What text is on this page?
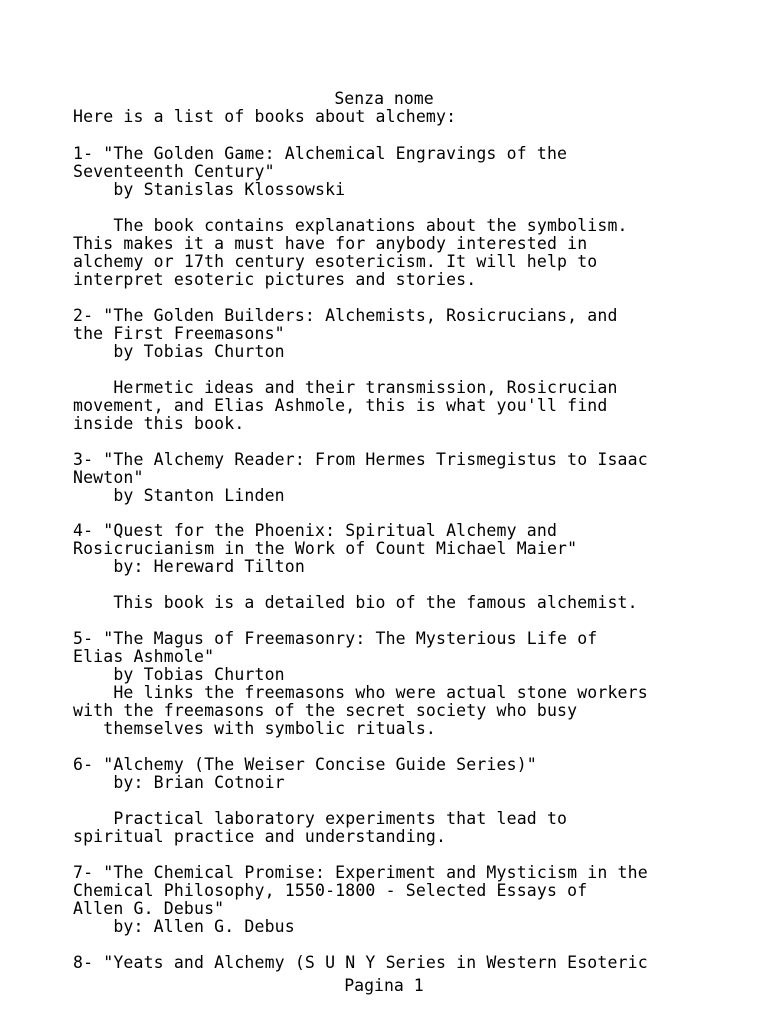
Senza nome
Here is a list of books about alchemy:
1- "The Golden Game: Alchemical Engravings of the
Seventeenth Century"
by Stanislas Klossowski
The book contains explanations about the symbolism.
This makes it a must have for anybody interested in
alchemy or 17th century esotericism. It will help to
interpret esoteric pictures and stories.
2- "The Golden Builders: Alchemists, Rosicrucians, and
the First Freemasons"
by Tobias Churton
Hermetic ideas and their transmission, Rosicrucian
movement, and Elias Ashmole, this is what you'll find
inside this book.
3- "The Alchemy Reader: From Hermes Trismegistus to Isaac
Newton"
by Stanton Linden
4- "Quest for the Phoenix: Spiritual Alchemy and
Rosicrucianism in the Work of Count Michael Maier"
by: Hereward Tilton
This book is a detailed bio of the famous alchemist.
5- "The Magus of Freemasonry: The Mysterious Life of
Elias Ashmole"
by Tobias Churton
He links the freemasons who were actual stone workers
with the freemasons of the secret society who busy
themselves with symbolic rituals.
6- "Alchemy (The Weiser Concise Guide Series)"
by: Brian Cotnoir
Practical laboratory experiments that lead to
spiritual practice and understanding.
7- "The Chemical Promise: Experiment and Mysticism in the
Chemical Philosophy, 1550-1800 - Selected Essays of
Allen G. Debus"
by: Allen G. Debus
8- "Yeats and Alchemy (S U N Y Series in Western Esoteric
Pagina 1
